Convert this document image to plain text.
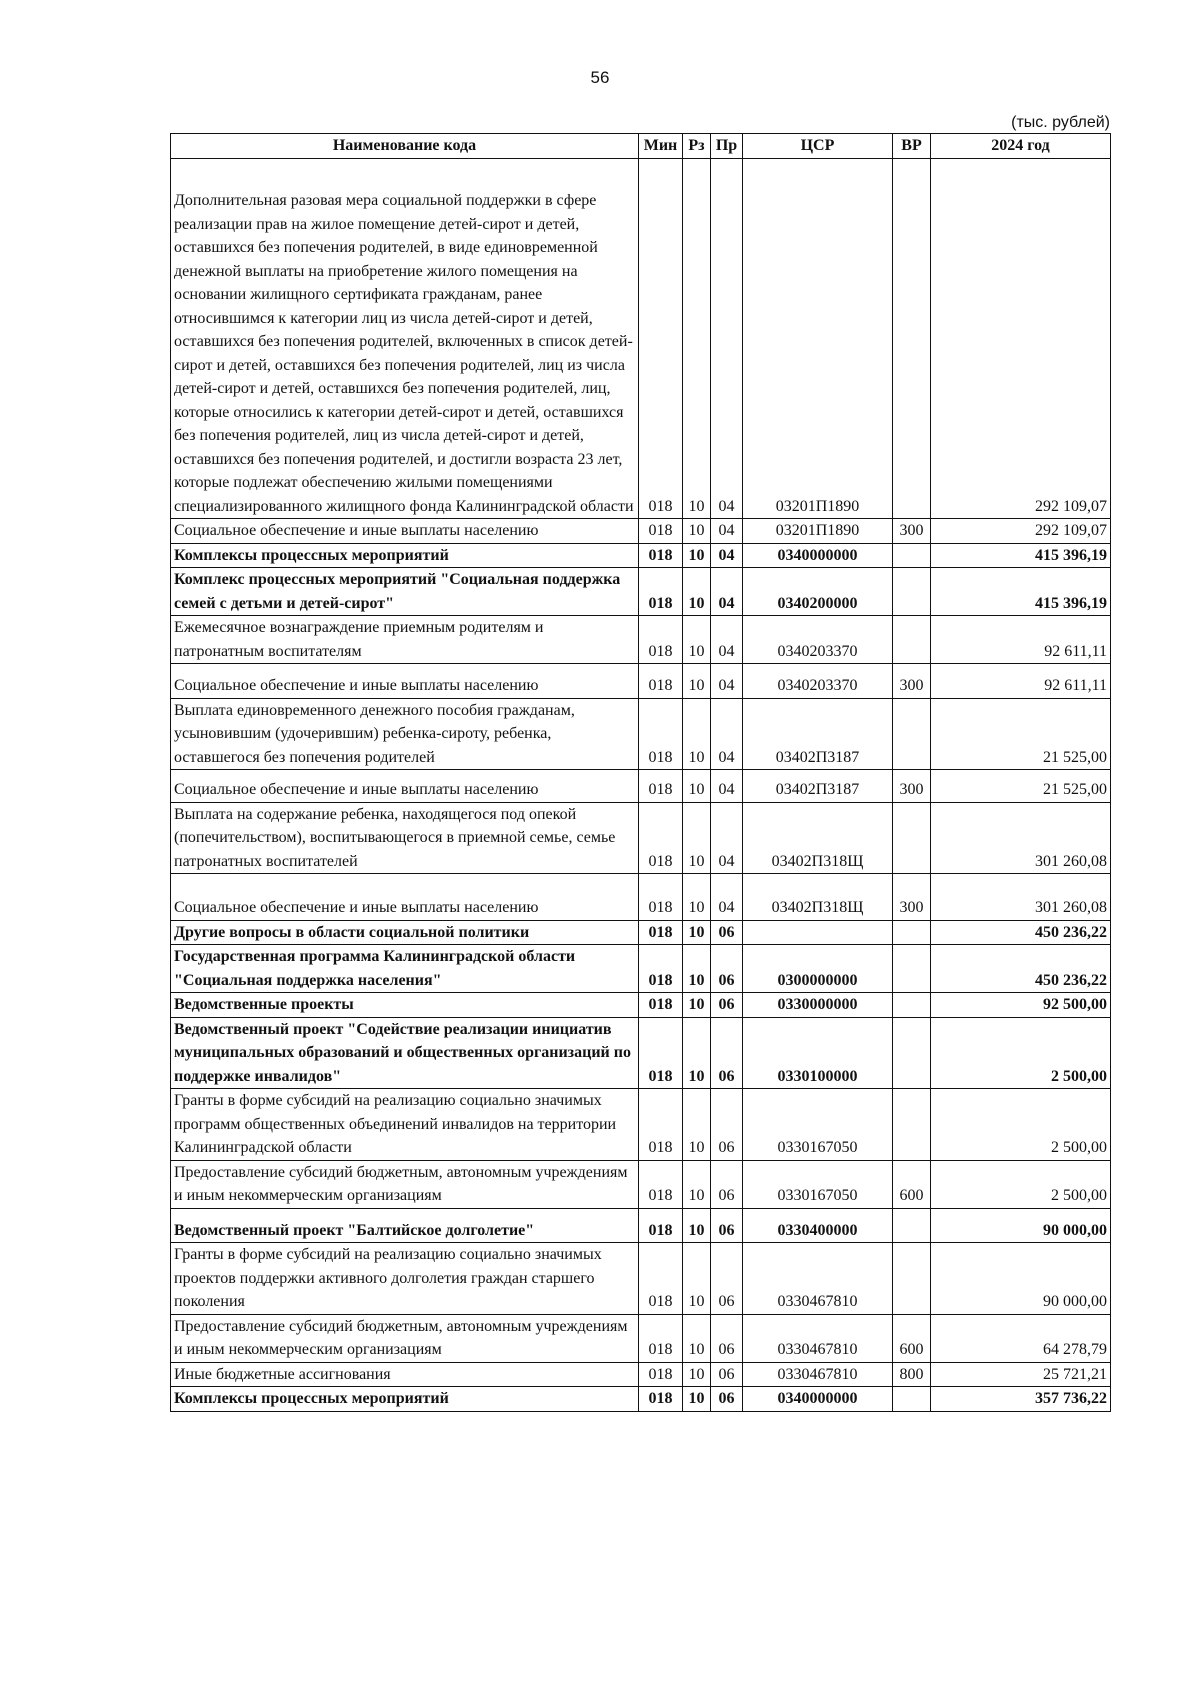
56
(тыс. рублей)
Наименование кода	Мин	Рз	Пр	ЦСР	ВР	2024 год
Дополнительная разовая мера социальной поддержки в сфере реализации прав на жилое помещение детей-сирот и детей, оставшихся без попечения родителей, в виде единовременной денежной выплаты на приобретение жилого помещения на основании жилищного сертификата гражданам, ранее относившимся к категории лиц из числа детей-сирот и детей, оставшихся без попечения родителей, включенных в список детей-сирот и детей, оставшихся без попечения родителей, лиц из числа детей-сирот и детей, оставшихся без попечения родителей, лиц, которые относились к категории детей-сирот и детей, оставшихся без попечения родителей, лиц из числа детей-сирот и детей, оставшихся без попечения родителей, и достигли возраста 23 лет, которые подлежат обеспечению жилыми помещениями специализированного жилищного фонда Калининградской области	018	10	04	03201П1890		292 109,07
Социальное обеспечение и иные выплаты населению	018	10	04	03201П1890	300	292 109,07
Комплексы процессных мероприятий	018	10	04	0340000000		415 396,19
Комплекс процессных мероприятий "Социальная поддержка семей с детьми и детей-сирот"	018	10	04	0340200000		415 396,19
Ежемесячное вознаграждение приемным родителям и патронатным воспитателям	018	10	04	0340203370		92 611,11
Социальное обеспечение и иные выплаты населению	018	10	04	0340203370	300	92 611,11
Выплата единовременного денежного пособия гражданам, усыновившим (удочерившим) ребенка-сироту, ребенка, оставшегося без попечения родителей	018	10	04	03402П3187		21 525,00
Социальное обеспечение и иные выплаты населению	018	10	04	03402П3187	300	21 525,00
Выплата на содержание ребенка, находящегося под опекой (попечительством), воспитывающегося в приемной семье, семье патронатных воспитателей	018	10	04	03402П318Щ		301 260,08
Социальное обеспечение и иные выплаты населению	018	10	04	03402П318Щ	300	301 260,08
Другие вопросы в области социальной политики	018	10	06			450 236,22
Государственная программа Калининградской области "Социальная поддержка населения"	018	10	06	0300000000		450 236,22
Ведомственные проекты	018	10	06	0330000000		92 500,00
Ведомственный проект "Содействие реализации инициатив муниципальных образований и общественных организаций по поддержке инвалидов"	018	10	06	0330100000		2 500,00
Гранты в форме субсидий на реализацию социально значимых программ общественных объединений инвалидов на территории Калининградской области	018	10	06	0330167050		2 500,00
Предоставление субсидий бюджетным, автономным учреждениям и иным некоммерческим организациям	018	10	06	0330167050	600	2 500,00
Ведомственный проект "Балтийское долголетие"	018	10	06	0330400000		90 000,00
Гранты в форме субсидий на реализацию социально значимых проектов поддержки активного долголетия граждан старшего поколения	018	10	06	0330467810		90 000,00
Предоставление субсидий бюджетным, автономным учреждениям и иным некоммерческим организациям	018	10	06	0330467810	600	64 278,79
Иные бюджетные ассигнования	018	10	06	0330467810	800	25 721,21
Комплексы процессных мероприятий	018	10	06	0340000000		357 736,22
